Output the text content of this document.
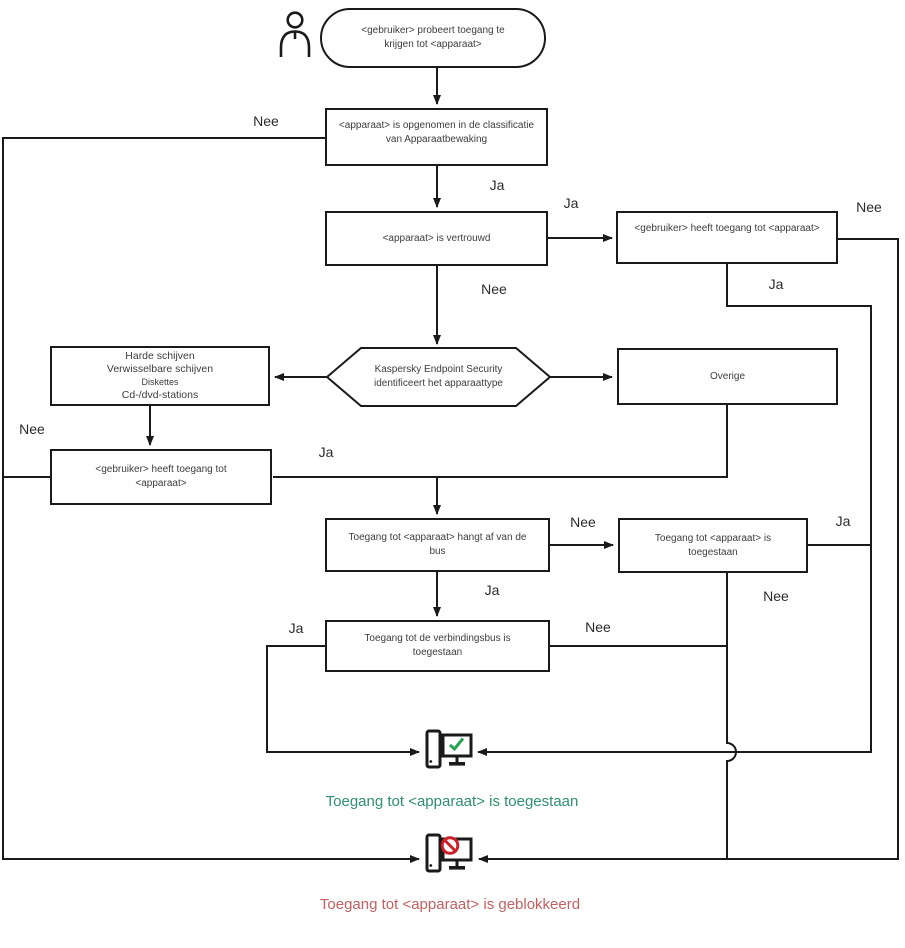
<gebruiker> probeert toegang te
krijgen tot <apparaat>
<apparaat> is opgenomen in de classificatie
van Apparaatbewaking
<apparaat> is vertrouwd
<gebruiker> heeft toegang tot <apparaat>
Kaspersky Endpoint Security
identificeert het apparaattype
Harde schijven
Verwisselbare schijven
Diskettes
Cd-/dvd-stations
Overige
<gebruiker> heeft toegang tot
<apparaat>
Toegang tot <apparaat> hangt af van de
bus
Toegang tot <apparaat> is
toegestaan
Toegang tot de verbindingsbus is
toegestaan
Nee
Ja
Ja
Nee
Nee
Ja
Nee
Ja
Nee
Ja
Ja
Nee
Nee
Ja
Toegang tot <apparaat> is toegestaan
Toegang tot <apparaat> is geblokkeerd
